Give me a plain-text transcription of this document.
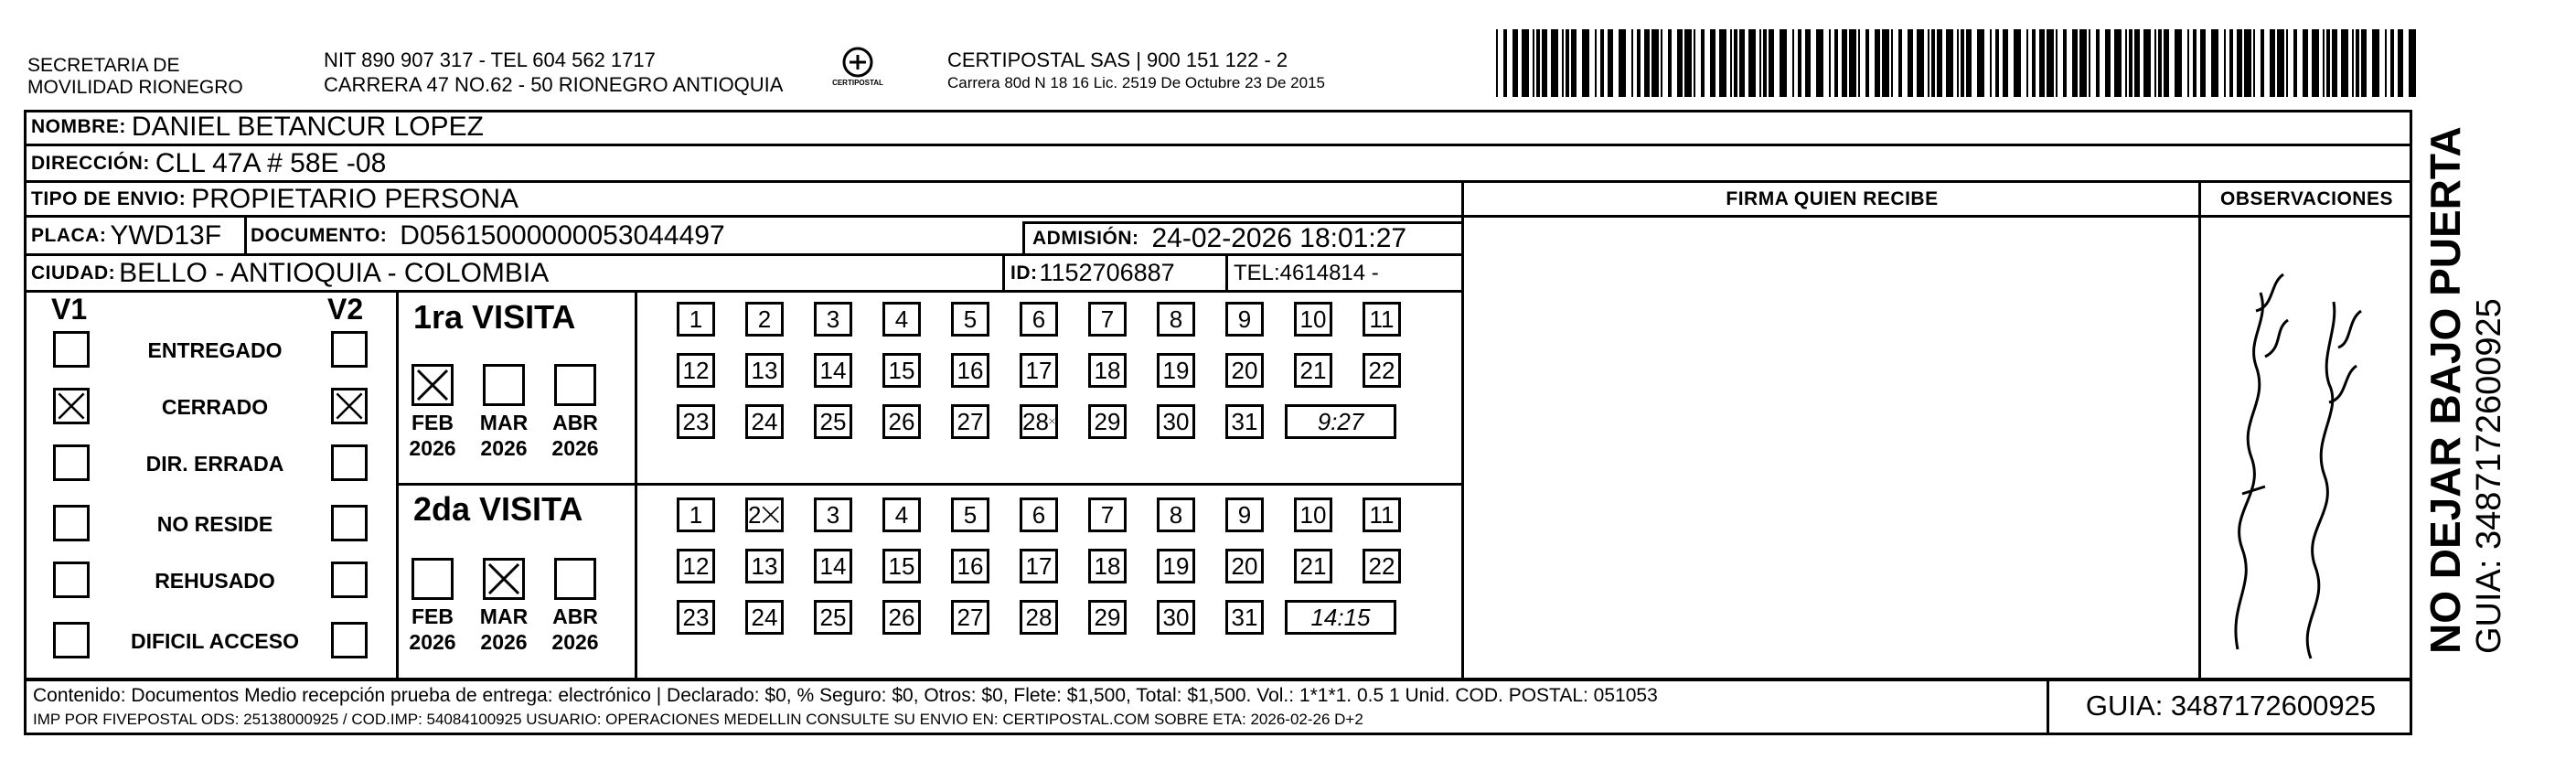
SECRETARIA DE
MOVILIDAD RIONEGRO
NIT 890 907 317 - TEL 604 562 1717
CARRERA 47 NO.62 - 50 RIONEGRO ANTIOQUIA	CERTIPOSTAL
CERTIPOSTAL SAS | 900 151 122 - 2
Carrera 80d N 18 16 Lic. 2519 De Octubre 23 De 2015
NOMBRE: DANIEL BETANCUR LOPEZ
DIRECCIÓN: CLL 47A # 58E -08
TIPO DE ENVIO: PROPIETARIO PERSONA
PLACA: YWD13F DOCUMENTO: D05615000000053044497	ADMISIÓN: 24-02-2026 18:01:27
CIUDAD: BELLO - ANTIOQUIA - COLOMBIA	ID: 1152706887	TEL:4614814 -
FIRMA QUIEN RECIBE	OBSERVACIONES NO DEJAR BAJO PUERTA GUIA: 3487172600925
V1	V2
ENTREGADO
CERRADO
DIR. ERRADA
NO RESIDE
REHUSADO
DIFICIL ACCESO
1ra VISITA
2da VISITA
FEB
2026
MAR
2026
ABR
2026
FEB
2026
MAR
2026
ABR
2026
1	2	3	4	5	6	7	8	9	10 11
12 13 14 15 16 17 18 19 20 21 22
23 24 25 26 27 28	29 30 31	9:27
1	2	3	4	5	6	7	8	9	10 11
12 13 14 15 16 17 18 19 20 21 22
23 24 25 26 27 28 29 30 31	14:15
Contenido: Documentos Medio recepción prueba de entrega: electrónico | Declarado: $0, % Seguro: $0, Otros: $0, Flete: $1,500, Total: $1,500. Vol.: 1*1*1. 0.5 1 Unid. COD. POSTAL: 051053
IMP POR FIVEPOSTAL ODS: 25138000925 / COD.IMP: 54084100925 USUARIO: OPERACIONES MEDELLIN CONSULTE SU ENVIO EN: CERTIPOSTAL.COM SOBRE ETA: 2026-02-26 D+2	GUIA: 3487172600925
